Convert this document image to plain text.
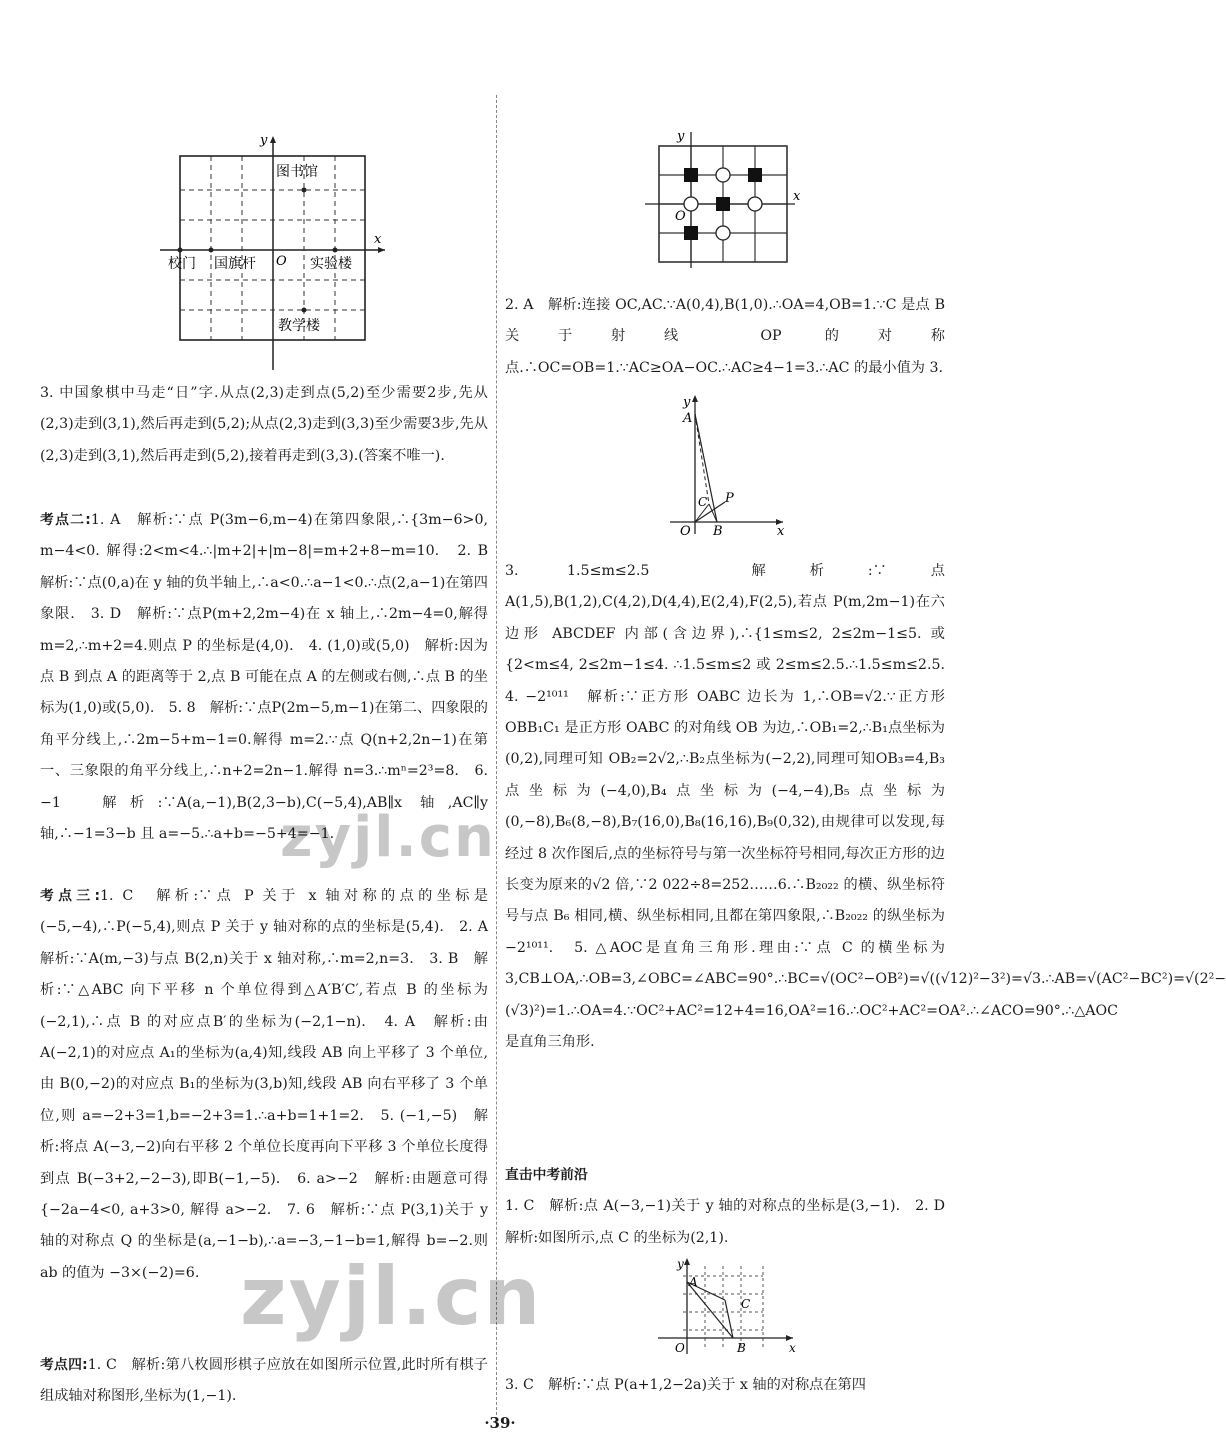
图书馆
校门 国旗杆 O 实验楼
教学楼
x
y

3. 中国象棋中马走“日”字.从点(2,3)走到点(5,2)至少需要2步,先从(2,3)走到(3,1),然后再走到(5,2);从点(2,3)走到(3,3)至少需要3步,先从(2,3)走到(3,1),然后再走到(5,2),接着再走到(3,3).(答案不唯一).

考点二:1. A　解析:∵点 P(3m−6,m−4)在第四象限,∴{3m−6>0, m−4<0. 解得:2<m<4.∴|m+2|+|m−8|=m+2+8−m=10.　2. B　解析:∵点(0,a)在 y 轴的负半轴上,∴a<0.∴a−1<0.∴点(2,a−1)在第四象限.　3. D　解析:∵点P(m+2,2m−4)在 x 轴上,∴2m−4=0,解得 m=2,∴m+2=4.则点 P 的坐标是(4,0).　4. (1,0)或(5,0)　解析:因为点 B 到点 A 的距离等于 2,点 B 可能在点 A 的左侧或右侧,∴点 B 的坐标为(1,0)或(5,0).　5. 8　解析:∵点P(2m−5,m−1)在第二、四象限的角平分线上,∴2m−5+m−1=0.解得 m=2.∵点 Q(n+2,2n−1)在第一、三象限的角平分线上,∴n+2=2n−1.解得 n=3.∴mⁿ=2³=8.　6. −1　解析:∵A(a,−1),B(2,3−b),C(−5,4),AB∥x 轴,AC∥y 轴,∴−1=3−b 且 a=−5.∴a+b=−5+4=−1.

考点三:1. C　解析:∵点 P 关于 x 轴对称的点的坐标是(−5,−4),∴P(−5,4),则点 P 关于 y 轴对称的点的坐标是(5,4).　2. A　解析:∵A(m,−3)与点 B(2,n)关于 x 轴对称,∴m=2,n=3.　3. B　解析:∵△ABC 向下平移 n 个单位得到△A′B′C′,若点 B 的坐标为(−2,1),∴点 B 的对应点B′的坐标为(−2,1−n).　4. A　解析:由 A(−2,1)的对应点 A₁的坐标为(a,4)知,线段 AB 向上平移了 3 个单位,由 B(0,−2)的对应点 B₁的坐标为(3,b)知,线段 AB 向右平移了 3 个单位,则 a=−2+3=1,b=−2+3=1.∴a+b=1+1=2.　5. (−1,−5)　解析:将点 A(−3,−2)向右平移 2 个单位长度再向下平移 3 个单位长度得到点 B(−3+2,−2−3),即B(−1,−5).　6. a>−2　解析:由题意可得{−2a−4<0, a+3>0, 解得 a>−2.　7. 6　解析:∵点 P(3,1)关于 y 轴的对称点 Q 的坐标是(a,−1−b),∴a=−3,−1−b=1,解得 b=−2.则 ab 的值为 −3×(−2)=6.

考点四:1. C　解析:第八枚圆形棋子应放在如图所示位置,此时所有棋子组成轴对称图形,坐标为(1,−1).

y
O
x

2. A　解析:连接 OC,AC.∵A(0,4),B(1,0).∴OA=4,OB=1.∵C 是点 B 关于射线 OP 的对称点.∴OC=OB=1.∵AC≥OA−OC.∴AC≥4−1=3.∴AC 的最小值为 3.

y
A
C P
O B	x

3. 1.5≤m≤2.5　解析:∵点 A(1,5),B(1,2),C(4,2),D(4,4),E(2,4),F(2,5),若点 P(m,2m−1)在六边形 ABCDEF 内部(含边界),∴{1≤m≤2, 2≤2m−1≤5. 或{2<m≤4, 2≤2m−1≤4. ∴1.5≤m≤2 或 2≤m≤2.5.∴1.5≤m≤2.5.　4. −2¹⁰¹¹　解析:∵正方形 OABC 边长为 1,∴OB=√2.∵正方形 OBB₁C₁ 是正方形 OABC 的对角线 OB 为边,∴OB₁=2,∴B₁点坐标为(0,2),同理可知 OB₂=2√2,∴B₂点坐标为(−2,2),同理可知OB₃=4,B₃点坐标为(−4,0),B₄点坐标为(−4,−4),B₅点坐标为(0,−8),B₆(8,−8),B₇(16,0),B₈(16,16),B₉(0,32),由规律可以发现,每经过 8 次作图后,点的坐标符号与第一次坐标符号相同,每次正方形的边长变为原来的√2 倍,∵2 022÷8=252……6.∴B₂₀₂₂ 的横、纵坐标符号与点 B₆ 相同,横、纵坐标相同,且都在第四象限,∴B₂₀₂₂ 的纵坐标为−2¹⁰¹¹.　5. △AOC是直角三角形.理由:∵点 C 的横坐标为3,CB⊥OA,∴OB=3,∠OBC=∠ABC=90°.∴BC=√(OC²−OB²)=√((√12)²−3²)=√3.∴AB=√(AC²−BC²)=√(2²−(√3)²)=1.∴OA=4.∵OC²+AC²=12+4=16,OA²=16.∴OC²+AC²=OA².∴∠ACO=90°.∴△AOC 是直角三角形.

直击中考前沿
1. C　解析:点 A(−3,−1)关于 y 轴的对称点的坐标是(3,−1).　2. D　解析:如图所示,点 C 的坐标为(2,1).

y
A
C
O	B	x

3. C　解析:∵点 P(a+1,2−2a)关于 x 轴的对称点在第四

zyjl.cn
zyjl.cn
·39·
